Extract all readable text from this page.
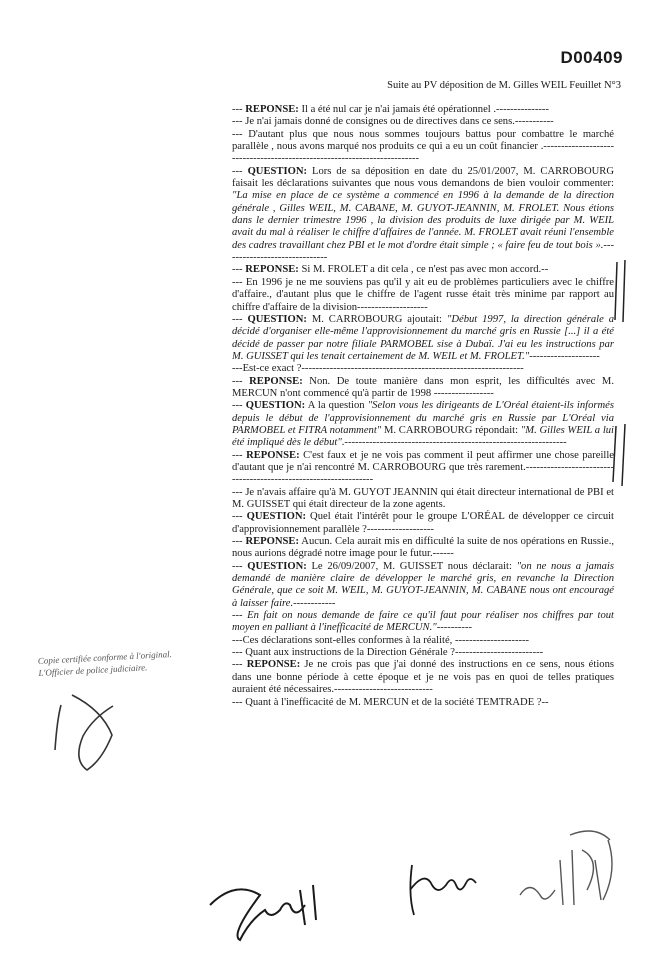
D00409
Suite au PV déposition de M. Gilles WEIL Feuillet N°3

--- REPONSE: Il a été nul car je n'ai jamais été opérationnel .---------------

--- Je n'ai jamais donné de consignes ou de directives dans ce sens.-----------

--- D'autant plus que nous nous sommes toujours battus pour combattre le marché parallèle , nous avons marqué nos produits ce qui a eu un coût financier .-------------------------------------------------------------------------

--- QUESTION: Lors de sa déposition en date du 25/01/2007, M. CARROBOURG faisait les déclarations suivantes que nous vous demandons de bien vouloir commenter: "La mise en place de ce système a commencé en 1996 à la demande de la direction générale , Gilles WEIL, M. CABANE, M. GUYOT-JEANNIN, M. FROLET. Nous étions dans le dernier trimestre 1996 , la division des produits de luxe dirigée par M. WEIL avait du mal à réaliser le chiffre d'affaires de l'année. M. FROLET avait réuni l'ensemble des cadres travaillant chez PBI et le mot d'ordre était simple ; « faire feu de tout bois ».------------------------------

--- REPONSE: Si M. FROLET a dit cela , ce n'est pas avec mon accord.--

--- En 1996 je ne me souviens pas qu'il y ait eu de problèmes particuliers avec le chiffre d'affaire., d'autant plus que le chiffre de l'agent russe était très minime par rapport au chiffre d'affaire de la division--------------------

--- QUESTION: M. CARROBOURG ajoutait: "Début 1997, la direction générale a décidé d'organiser elle-même l'approvisionnement du marché gris en Russie [...] il a été décidé de passer par notre filiale PARMOBEL sise à Dubaï. J'ai eu les instructions par M. GUISSET qui les tenait certainement de M. WEIL et M. FROLET."--------------------

---Est-ce exact ?---------------------------------------------------------------

--- REPONSE: Non. De toute manière dans mon esprit, les difficultés avec M. MERCUN n'ont commencé qu'à partir de 1998 -----------------

--- QUESTION: A la question "Selon vous les dirigeants de L'Oréal étaient-ils informés depuis le début de l'approvisionnement du marché gris en Russie par L'Oréal via PARMOBEL et FITRA notamment" M. CARROBOURG répondait: "M. Gilles WEIL a lui été impliqué dès le début".---------------------------------------------------------------

--- REPONSE: C'est faux et je ne vois pas comment il peut affirmer une chose pareille d'autant que je n'ai rencontré M. CARROBOURG que très rarement.-----------------------------------------------------------------

--- Je n'avais affaire qu'à M. GUYOT JEANNIN qui était directeur international de PBI et M. GUISSET qui était directeur de la zone agents.

--- QUESTION: Quel était l'intérêt pour le groupe L'ORÉAL de développer ce circuit d'approvisionnement parallèle ?-------------------

--- REPONSE: Aucun. Cela aurait mis en difficulté la suite de nos opérations en Russie., nous aurions dégradé notre image pour le futur.------

--- QUESTION: Le 26/09/2007, M. GUISSET nous déclarait: "on ne nous a jamais demandé de manière claire de développer le marché gris, en revanche la Direction Générale, que ce soit M. WEIL, M. GUYOT-JEANNIN, M. CABANE nous ont encouragé à laisser faire.------------

--- En fait on nous demande de faire ce qu'il faut pour réaliser nos chiffres par tout moyen en palliant à l'inefficacité de MERCUN."----------

---Ces déclarations sont-elles conformes à la réalité, ---------------------

--- Quant aux instructions de la Direction Générale ?-------------------------

--- REPONSE: Je ne crois pas que j'ai donné des instructions en ce sens, nous étions dans une bonne période à cette époque et je ne vois pas en quoi de telles pratiques auraient été nécessaires.----------------------------

--- Quant à l'inefficacité de M. MERCUN et de la société TEMTRADE ?--

Copie certifiée conforme à l'original.
L'Officier de police judiciaire.
